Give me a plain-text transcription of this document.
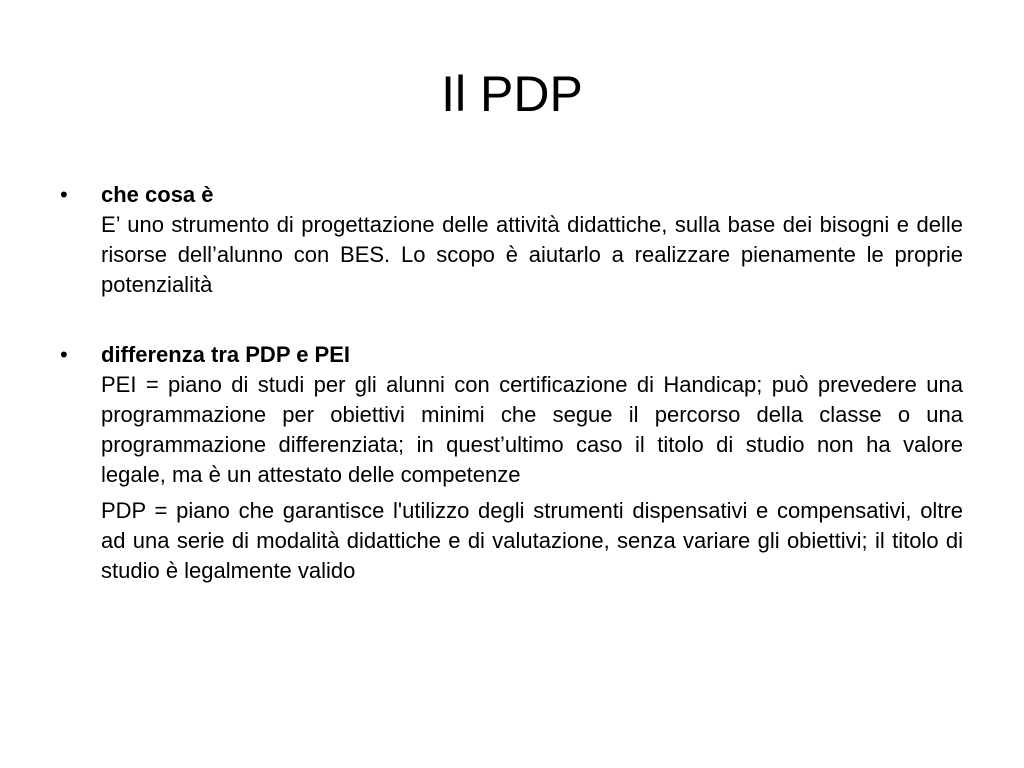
Il PDP
•	che cosa è
E’ uno strumento di progettazione delle attività didattiche, sulla base dei bisogni e delle risorse dell’alunno con BES. Lo scopo è aiutarlo a realizzare pienamente le proprie potenzialità
•	differenza tra PDP e PEI
PEI = piano di studi per gli alunni con certificazione di Handicap; può prevedere una programmazione per obiettivi minimi che segue il percorso della classe o una programmazione differenziata; in quest’ultimo caso il titolo di studio non ha valore legale, ma è un attestato delle competenze
PDP = piano che garantisce l'utilizzo degli strumenti dispensativi e compensativi, oltre ad una serie di modalità didattiche e di valutazione, senza variare gli obiettivi; il titolo di studio è legalmente valido
